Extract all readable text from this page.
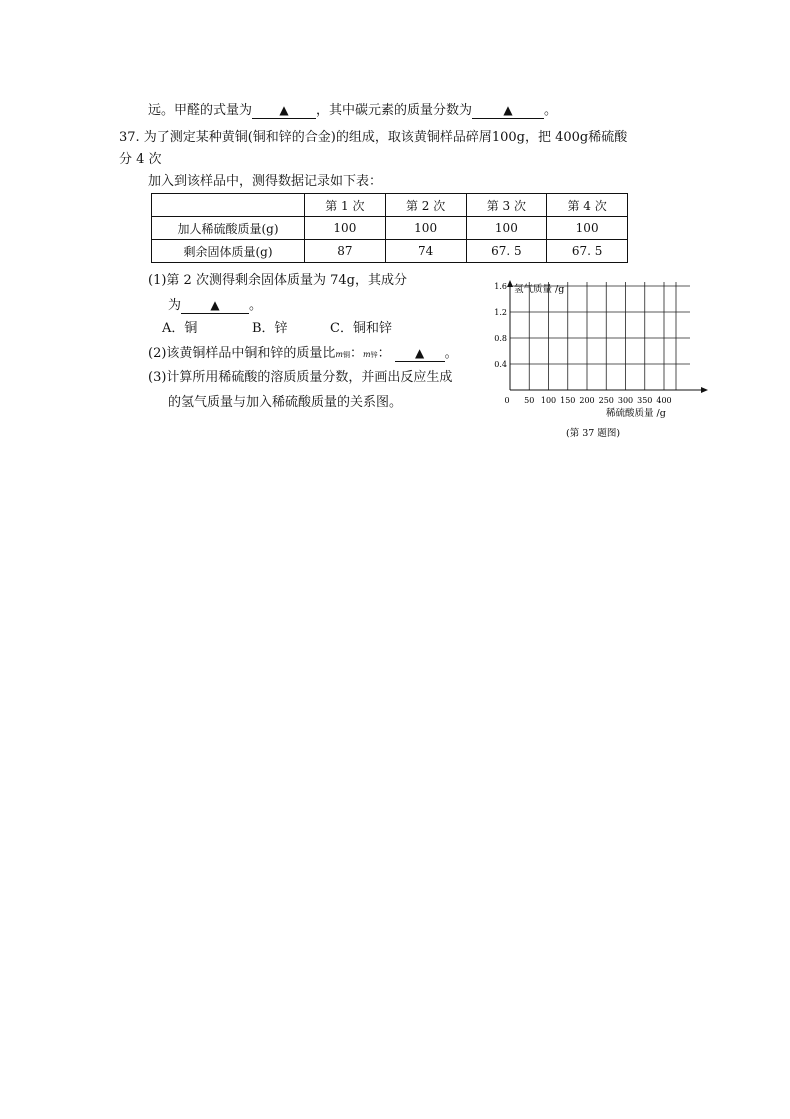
远。甲醛的式量为 ▲ ，其中碳元素的质量分数为	▲ 。
37. 为了测定某种黄铜(铜和锌的合金)的组成，取该黄铜样品碎屑100g，把 400g稀硫酸
分 4 次
加入到该样品中，测得数据记录如下表：
	第 1 次	第 2 次	第 3 次	第 4 次
加人稀硫酸质量(g)	100	100	100	100
剩余固体质量(g)	87	74	67. 5	67. 5
(1)第 2 次测得剩余固体质量为 74g，其成分
为 ▲ 。
A．铜	B．锌	C．铜和锌
(2)该黄铜样品中铜和锌的质量比m铜：m锌： ▲ 。
(3)计算所用稀硫酸的溶质质量分数，并画出反应生成
的氢气质量与加入稀硫酸质量的关系图。	0 50 100 150 200 250 300 350 400
0.4
0.8
1.2
1.6 氢气质量 /g
稀硫酸质量 /g
(第 37 题图)
